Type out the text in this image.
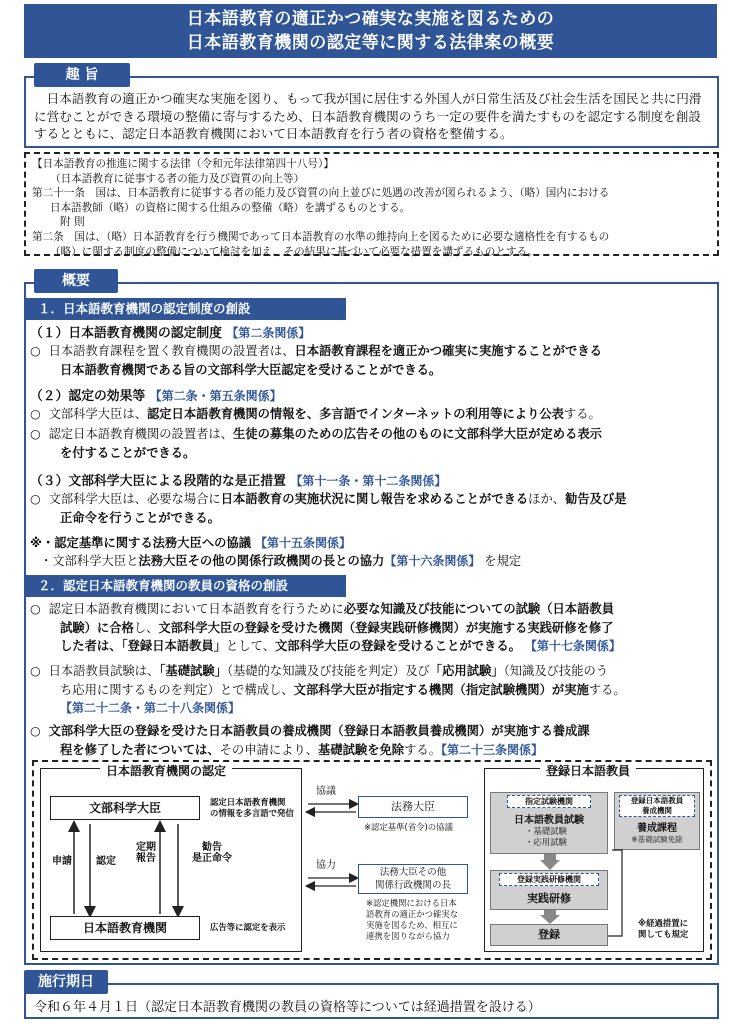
日本語教育の適正かつ確実な実施を図るための
日本語教育機関の認定等に関する法律案の概要
趣 旨
　日本語教育の適正かつ確実な実施を図り、もって我が国に居住する外国人が日常生活及び社会生活を国民と共に円滑に営むことができる環境の整備に寄与するため、日本語教育機関のうち一定の要件を満たすものを認定する制度を創設するとともに、認定日本語教育機関において日本語教育を行う者の資格を整備する。
【日本語教育の推進に関する法律（令和元年法律第四十八号）】
（日本語教育に従事する者の能力及び資質の向上等）
第二十一条　国は、日本語教育に従事する者の能力及び資質の向上並びに処遇の改善が図られるよう、（略）国内における
日本語教師（略）の資格に関する仕組みの整備（略）を講ずるものとする。
附 則
第二条　国は、（略）日本語教育を行う機関であって日本語教育の水準の維持向上を図るために必要な適格性を有するもの
（略）に関する制度の整備について検討を加え、その結果に基づいて必要な措置を講ずるものとする。
概要
１．日本語教育機関の認定制度の創設
（１）日本語教育機関の認定制度 【第二条関係】
○  日本語教育課程を置く教育機関の設置者は、日本語教育課程を適正かつ確実に実施することができる
日本語教育機関である旨の文部科学大臣認定を受けることができる。
（２）認定の効果等 【第二条・第五条関係】
○  文部科学大臣は、認定日本語教育機関の情報を、多言語でインターネットの利用等により公表する。
○  認定日本語教育機関の設置者は、生徒の募集のための広告その他のものに文部科学大臣が定める表示
を付することができる。
（３）文部科学大臣による段階的な是正措置 【第十一条・第十二条関係】
○  文部科学大臣は、必要な場合に日本語教育の実施状況に関し報告を求めることができるほか、勧告及び是
正命令を行うことができる。
※・認定基準に関する法務大臣への協議 【第十五条関係】
・文部科学大臣と法務大臣その他の関係行政機関の長との協力【第十六条関係】 を規定
２．認定日本語教育機関の教員の資格の創設
○  認定日本語教育機関において日本語教育を行うために必要な知識及び技能についての試験（日本語教員
試験）に合格し、文部科学大臣の登録を受けた機関（登録実践研修機関）が実施する実践研修を修了
した者は、「登録日本語教員」として、文部科学大臣の登録を受けることができる。 【第十七条関係】
○  日本語教員試験は、「基礎試験」（基礎的な知識及び技能を判定）及び「応用試験」（知識及び技能のう
ち応用に関するものを判定）とで構成し、文部科学大臣が指定する機関（指定試験機関）が実施する。
【第二十二条・第二十八条関係】
○  文部科学大臣の登録を受けた日本語教員の養成機関（登録日本語教員養成機関）が実施する養成課
程を修了した者については、その申請により、基礎試験を免除する。【第二十三条関係】
日本語教育機関の認定
文部科学大臣	認定日本語教育機関
の情報を多言語で発信
申請 認定
定期
報告
勧告
是正命令
日本語教育機関	広告等に認定を表示
協議
協力
法務大臣
※認定基準(省令)の協議
法務大臣その他
関係行政機関の長
※認定機関における日本
語教育の適正かつ確実な
実施を図るため、相互に
連携を図りながら協力
登録日本語教員
指定試験機関
日本語教員試験
・基礎試験
・応用試験
登録日本語教員
養成機関
養成課程
※基礎試験免除
登録実践研修機関
実践研修
登録
※経過措置に
関しても規定
施行期日
令和６年４月１日（認定日本語教育機関の教員の資格等については経過措置を設ける）
